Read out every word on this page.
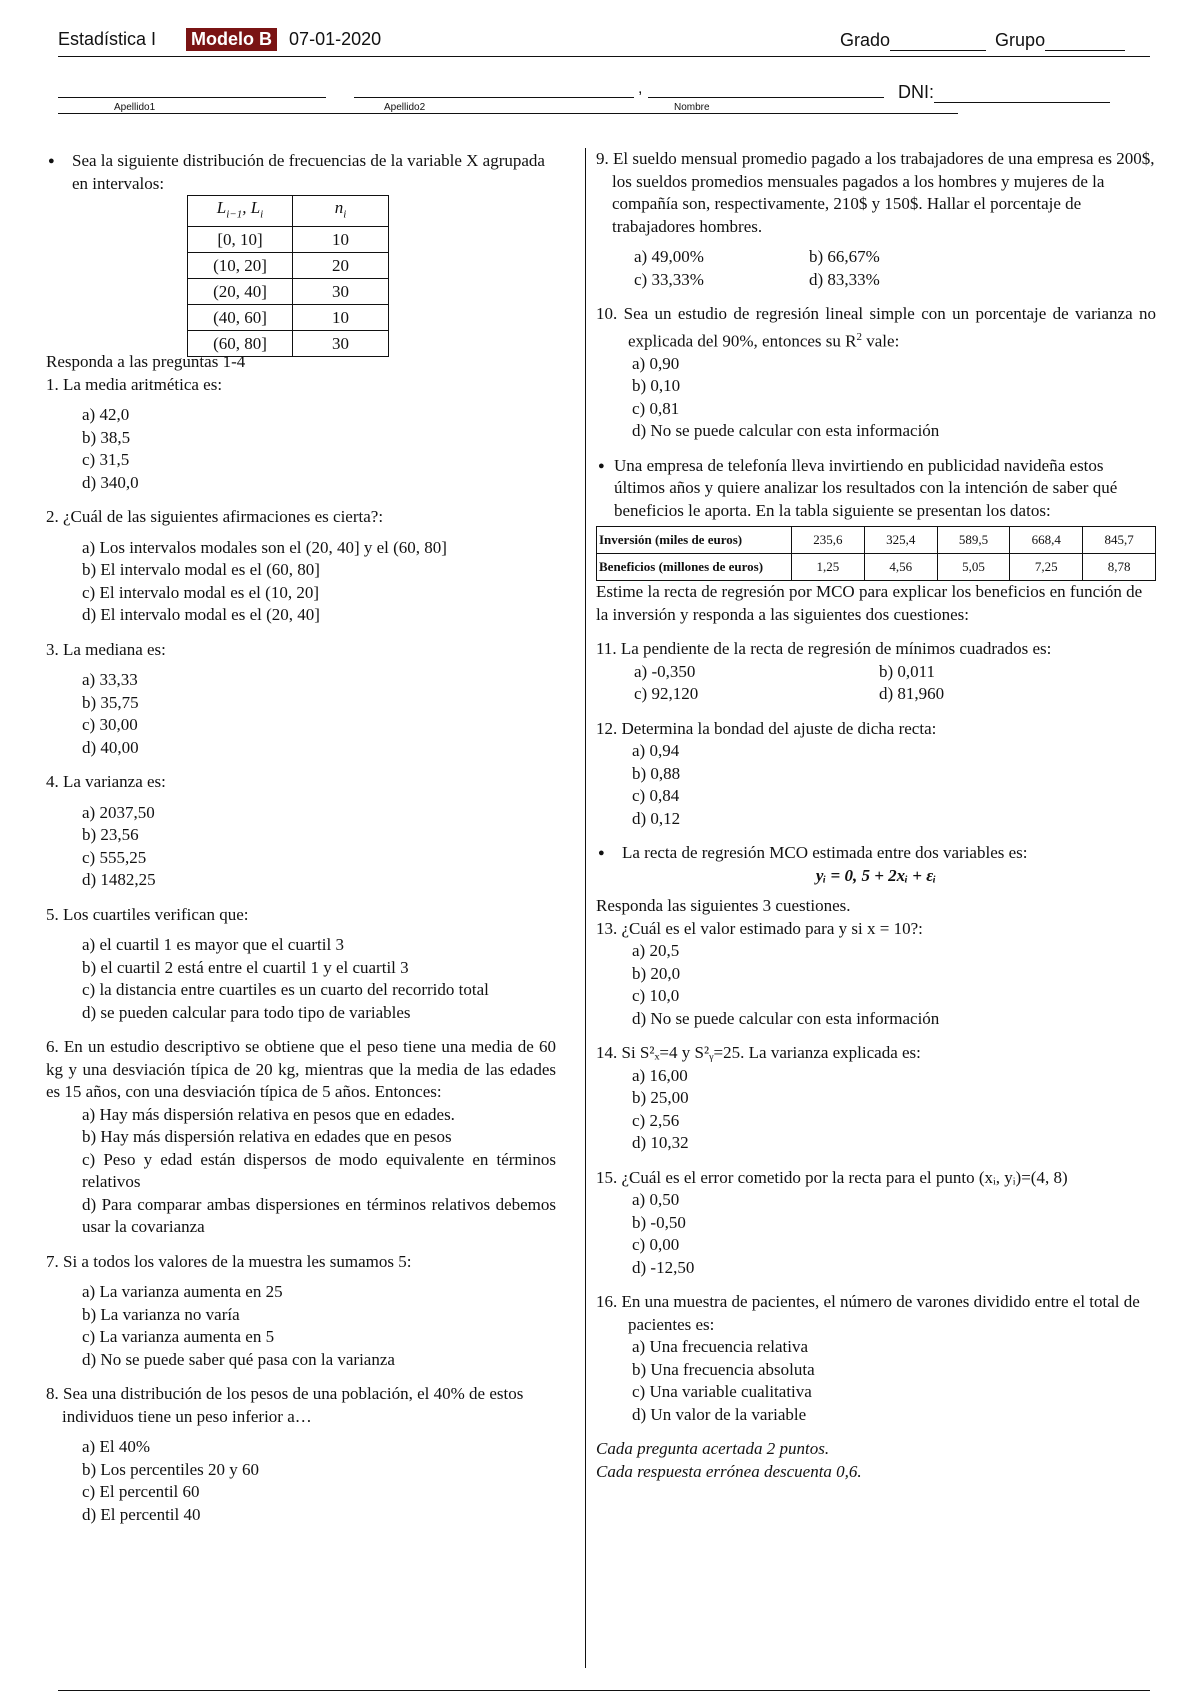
Estadística I Modelo B 07-01-2020	Grado	Grupo
Apellido1	Apellido2
,
Nombre
DNI:

● Sea la siguiente distribución de frecuencias de la variable X agrupada en intervalos:

$L_{i-1}$, $L_i$	$n_i$
[0, 10]	10
(10, 20]	20
(20, 40]	30
(40, 60]	10
(60, 80]	30

Responda a las preguntas 1-4

1. La media aritmética es:

a) 42,0

b) 38,5

c) 31,5

d) 340,0

2. ¿Cuál de las siguientes afirmaciones es cierta?:

a) Los intervalos modales son el (20, 40] y el (60, 80]

b) El intervalo modal es el (60, 80]

c) El intervalo modal es el (10, 20]

d) El intervalo modal es el (20, 40]

3. La mediana es:

a) 33,33

b) 35,75

c) 30,00

d) 40,00

4. La varianza es:

a) 2037,50

b) 23,56

c) 555,25

d) 1482,25

5. Los cuartiles verifican que:

a) el cuartil 1 es mayor que el cuartil 3

b) el cuartil 2 está entre el cuartil 1 y el cuartil 3

c) la distancia entre cuartiles es un cuarto del recorrido total

d) se pueden calcular para todo tipo de variables

6. En un estudio descriptivo se obtiene que el peso tiene una media de 60 kg y una desviación típica de 20 kg, mientras que la media de las edades es 15 años, con una desviación típica de 5 años. Entonces:

a) Hay más dispersión relativa en pesos que en edades.

b) Hay más dispersión relativa en edades que en pesos

c) Peso y edad están dispersos de modo equivalente en términos relativos

d) Para comparar ambas dispersiones en términos relativos debemos usar la covarianza

7. Si a todos los valores de la muestra les sumamos 5:

a) La varianza aumenta en 25

b) La varianza no varía

c) La varianza aumenta en 5

d) No se puede saber qué pasa con la varianza

8. Sea una distribución de los pesos de una población, el 40% de estos individuos tiene un peso inferior a…

a) El 40%

b) Los percentiles 20 y 60

c) El percentil 60

d) El percentil 40

9. El sueldo mensual promedio pagado a los trabajadores de una empresa es 200$, los sueldos promedios mensuales pagados a los hombres y mujeres de la compañía son, respectivamente, 210$ y 150$. Hallar el porcentaje de trabajadores hombres.

a) 49,00%	b) 66,67%
c) 33,33%	d) 83,33%

10. Sea un estudio de regresión lineal simple con un porcentaje de varianza no explicada del 90%, entonces su $R^2$ vale:

a) 0,90

b) 0,10

c) 0,81

d) No se puede calcular con esta información

● Una empresa de telefonía lleva invirtiendo en publicidad navideña estos últimos años y quiere analizar los resultados con la intención de saber qué beneficios le aporta. En la tabla siguiente se presentan los datos:

Inversión (miles de euros)	235,6	325,4	589,5	668,4	845,7
Beneficios (millones de euros)	1,25	4,56	5,05	7,25	8,78

Estime la recta de regresión por MCO para explicar los beneficios en función de la inversión y responda a las siguientes dos cuestiones:

11. La pendiente de la recta de regresión de mínimos cuadrados es:

a) -0,350	b) 0,011
c) 92,120	d) 81,960

12. Determina la bondad del ajuste de dicha recta:

a) 0,94

b) 0,88

c) 0,84

d) 0,12

● La recta de regresión MCO estimada entre dos variables es:

yᵢ = 0, 5 + 2xᵢ + εᵢ

Responda las siguientes 3 cuestiones.

13. ¿Cuál es el valor estimado para y si x = 10?:

a) 20,5

b) 20,0

c) 10,0

d) No se puede calcular con esta información

14. Si S²ₓ=4 y S²ᵧ=25. La varianza explicada es:

a) 16,00

b) 25,00

c) 2,56

d) 10,32

15. ¿Cuál es el error cometido por la recta para el punto (xᵢ, yᵢ)=(4, 8)

a) 0,50

b) -0,50

c) 0,00

d) -12,50

16. En una muestra de pacientes, el número de varones dividido entre el total de pacientes es:

a) Una frecuencia relativa

b) Una frecuencia absoluta

c) Una variable cualitativa

d) Un valor de la variable

Cada pregunta acertada 2 puntos.

Cada respuesta errónea descuenta 0,6.
